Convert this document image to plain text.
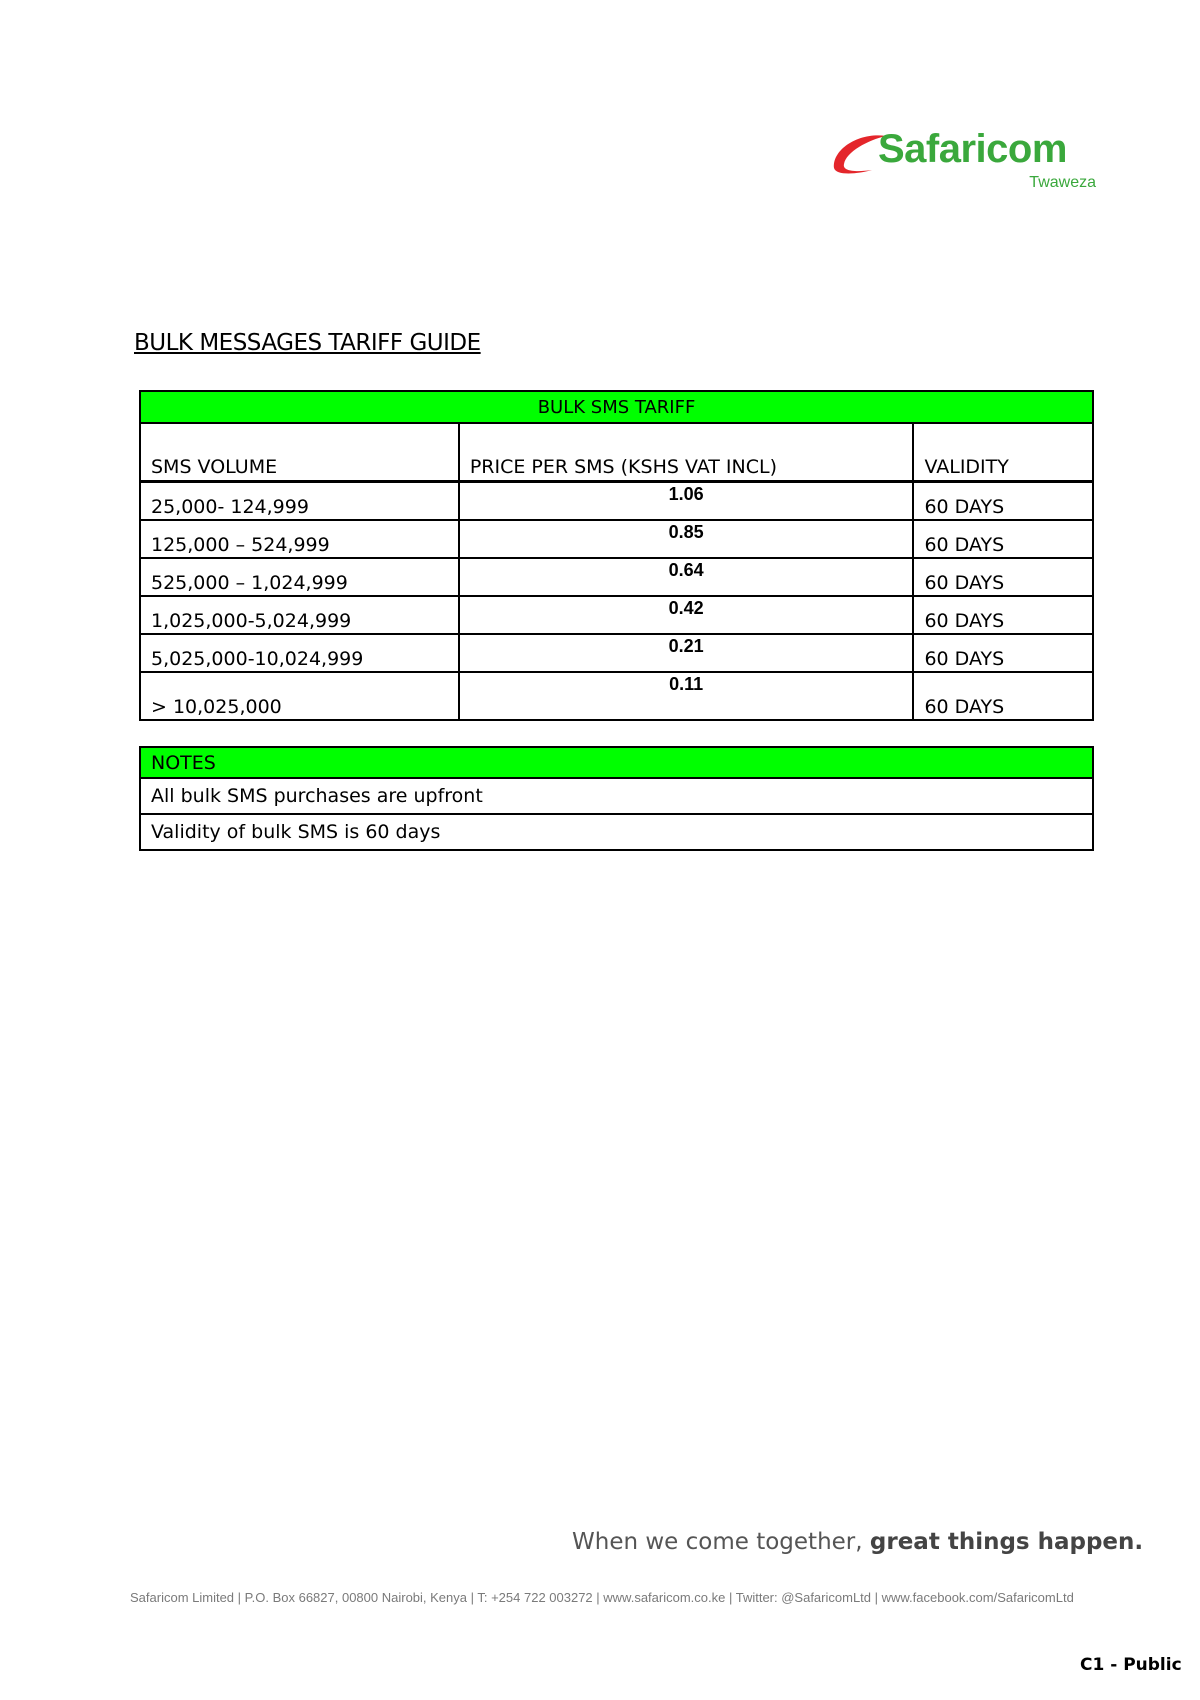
Safaricom
Twaweza
BULK MESSAGES TARIFF GUIDE
BULK SMS TARIFF		
SMS VOLUME	PRICE PER SMS (KSHS VAT INCL)	VALIDITY
25,000- 124,999	1.06	60 DAYS
125,000 – 524,999	0.85	60 DAYS
525,000 – 1,024,999	0.64	60 DAYS
1,025,000-5,024,999	0.42	60 DAYS
5,025,000-10,024,999	0.21	60 DAYS
> 10,025,000	0.11	60 DAYS
NOTES
All bulk SMS purchases are upfront
Validity of bulk SMS is 60 days
When we come together, great things happen.
Safaricom Limited | P.O. Box 66827, 00800 Nairobi, Kenya | T: +254 722 003272 | www.safaricom.co.ke | Twitter: @SafaricomLtd | www.facebook.com/SafaricomLtd
C1 - Public
